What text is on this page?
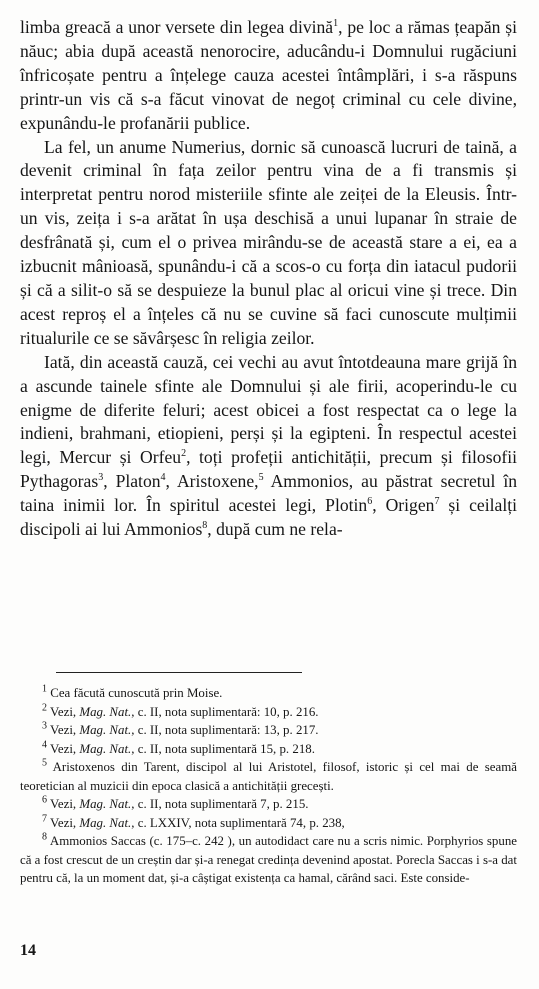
limba greacă a unor versete din legea divină$^1$, pe loc a rămas țeapăn și năuc; abia după această nenorocire, aducându-i Domnului rugăciuni înfricoșate pentru a înțelege cauza acestei întâmplări, i s-a răspuns printr-un vis că s-a făcut vinovat de negoț criminal cu cele divine, expunându-le profanării publice.

La fel, un anume Numerius, dornic să cunoască lucruri de taină, a devenit criminal în fața zeilor pentru vina de a fi transmis și interpretat pentru norod misteriile sfinte ale zeiței de la Eleusis. Într-un vis, zeița i s-a arătat în ușa deschisă a unui lupanar în straie de desfrânată și, cum el o privea mirându-se de această stare a ei, ea a izbucnit mânioasă, spunându-i că a scos-o cu forța din iatacul pudorii și că a silit-o să se despuieze la bunul plac al oricui vine și trece. Din acest reproș el a înțeles că nu se cuvine să faci cunoscute mulțimii ritualurile ce se săvârșesc în religia zeilor.

Iată, din această cauză, cei vechi au avut întotdeauna mare grijă în a ascunde tainele sfinte ale Domnului și ale firii, acoperindu-le cu enigme de diferite feluri; acest obicei a fost respectat ca o lege la indieni, brahmani, etiopieni, perși și la egipteni. În respectul acestei legi, Mercur și Orfeu$^2$, toți profeții antichității, precum și filosofii Pythagoras$^3$, Platon$^4$, Aristoxene,$^5$ Ammonios, au păstrat secretul în taina inimii lor. În spiritul acestei legi, Plotin$^6$, Origen$^7$ și ceilalți discipoli ai lui Ammonios$^8$, după cum ne rela-

$^1$ Cea făcută cunoscută prin Moise.

$^2$ Vezi, Mag. Nat., c. II, nota suplimentară: 10, p. 216.

$^3$ Vezi, Mag. Nat., c. II, nota suplimentară: 13, p. 217.

$^4$ Vezi, Mag. Nat., c. II, nota suplimentară 15, p. 218.

$^5$ Aristoxenos din Tarent, discipol al lui Aristotel, filosof, istoric și cel mai de seamă teoretician al muzicii din epoca clasică a antichității grecești.

$^6$ Vezi, Mag. Nat., c. II, nota suplimentară 7, p. 215.

$^7$ Vezi, Mag. Nat., c. LXXIV, nota suplimentară 74, p. 238,

$^8$ Ammonios Saccas (c. 175–c. 242 ), un autodidact care nu a scris nimic. Porphyrios spune că a fost crescut de un creștin dar și-a renegat credința devenind apostat. Porecla Saccas i s-a dat pentru că, la un moment dat, și-a câștigat existența ca hamal, cărând saci. Este conside-

14
